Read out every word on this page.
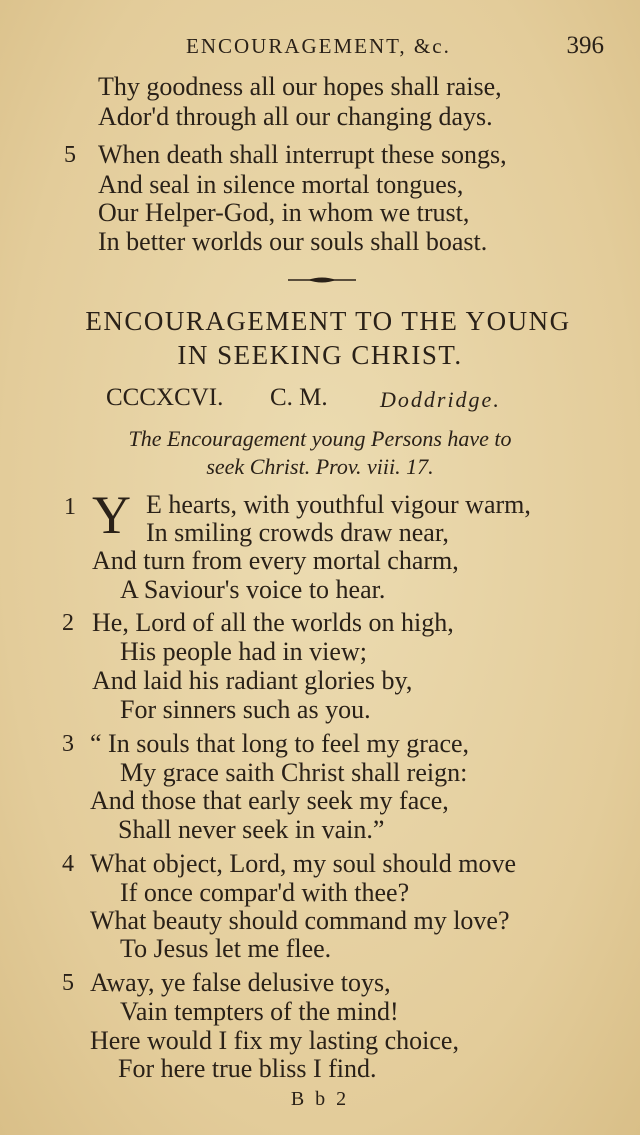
ENCOURAGEMENT, &c.	396
Thy goodness all our hopes shall raise,
Ador'd through all our changing days.
5 When death shall interrupt these songs,
And seal in silence mortal tongues,
Our Helper-God, in whom we trust,
In better worlds our souls shall boast.
ENCOURAGEMENT TO THE YOUNG
IN SEEKING CHRIST.
CCCXCVI. C. M. Doddridge.
The Encouragement young Persons have to
seek Christ. Prov. viii. 17.
1 Y E hearts, with youthful vigour warm,
In smiling crowds draw near,
And turn from every mortal charm,
A Saviour's voice to hear.
2 He, Lord of all the worlds on high,
His people had in view;
And laid his radiant glories by,
For sinners such as you.
3 “ In souls that long to feel my grace,
My grace saith Christ shall reign:
And those that early seek my face,
Shall never seek in vain.”
4 What object, Lord, my soul should move
If once compar'd with thee?
What beauty should command my love?
To Jesus let me flee.
5 Away, ye false delusive toys,
Vain tempters of the mind!
Here would I fix my lasting choice,
For here true bliss I find.
B b 2
